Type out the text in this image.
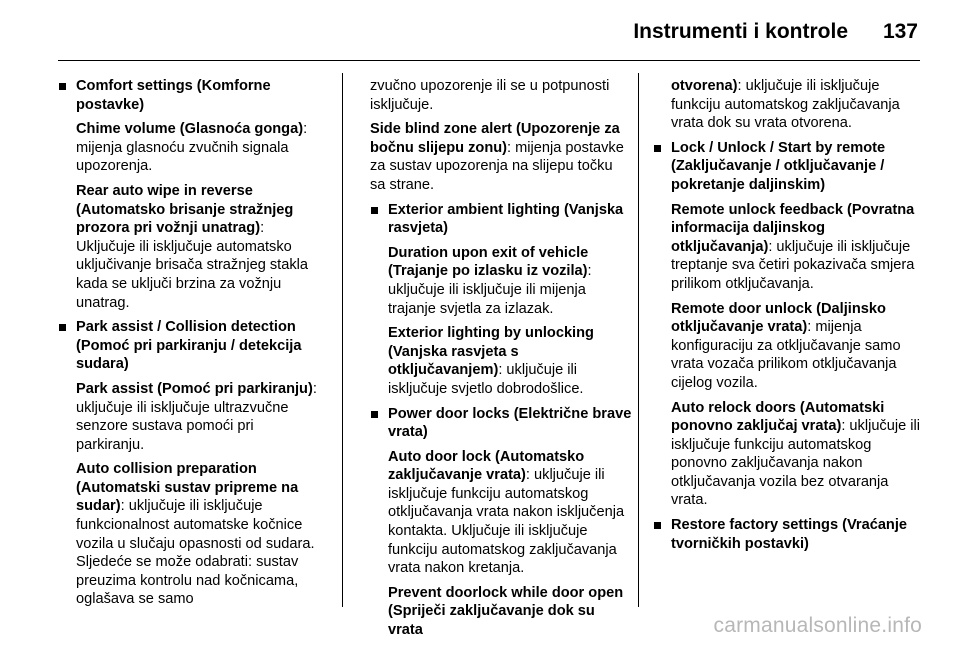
Instrumenti i kontrole 137
Comfort settings (Komforne postavke)
Chime volume (Glasnoća gonga): mijenja glasnoću zvučnih signala upozorenja.
Rear auto wipe in reverse (Automatsko brisanje stražnjeg prozora pri vožnji unatrag): Uključuje ili isključuje automatsko uključivanje brisača stražnjeg stakla kada se uključi brzina za vožnju unatrag.
Park assist / Collision detection (Pomoć pri parkiranju / detekcija sudara)
Park assist (Pomoć pri parkiranju): uključuje ili isključuje ultrazvučne senzore sustava pomoći pri parkiranju.
Auto collision preparation (Automatski sustav pripreme na sudar): uključuje ili isključuje funkcionalnost automatske kočnice vozila u slučaju opasnosti od sudara. Sljedeće se može odabrati: sustav preuzima kontrolu nad kočnicama, oglašava se samo
zvučno upozorenje ili se u potpunosti isključuje.
Side blind zone alert (Upozorenje za bočnu slijepu zonu): mijenja postavke za sustav upozorenja na slijepu točku sa strane.
Exterior ambient lighting (Vanjska rasvjeta)
Duration upon exit of vehicle (Trajanje po izlasku iz vozila): uključuje ili isključuje ili mijenja trajanje svjetla za izlazak.
Exterior lighting by unlocking (Vanjska rasvjeta s otključavanjem): uključuje ili isključuje svjetlo dobrodošlice.
Power door locks (Električne brave vrata)
Auto door lock (Automatsko zaključavanje vrata): uključuje ili isključuje funkciju automatskog otključavanja vrata nakon isključenja kontakta. Uključuje ili isključuje funkciju automatskog zaključavanja vrata nakon kretanja.
Prevent doorlock while door open (Spriječi zaključavanje dok su vrata
otvorena): uključuje ili isključuje funkciju automatskog zaključavanja vrata dok su vrata otvorena.
Lock / Unlock / Start by remote (Zaključavanje / otključavanje / pokretanje daljinskim)
Remote unlock feedback (Povratna informacija daljinskog otključavanja): uključuje ili isključuje treptanje sva četiri pokazivača smjera prilikom otključavanja.
Remote door unlock (Daljinsko otključavanje vrata): mijenja konfiguraciju za otključavanje samo vrata vozača prilikom otključavanja cijelog vozila.
Auto relock doors (Automatski ponovno zaključaj vrata): uključuje ili isključuje funkciju automatskog ponovno zaključavanja nakon otključavanja vozila bez otvaranja vrata.
Restore factory settings (Vraćanje tvorničkih postavki)
carmanualsonline.info
